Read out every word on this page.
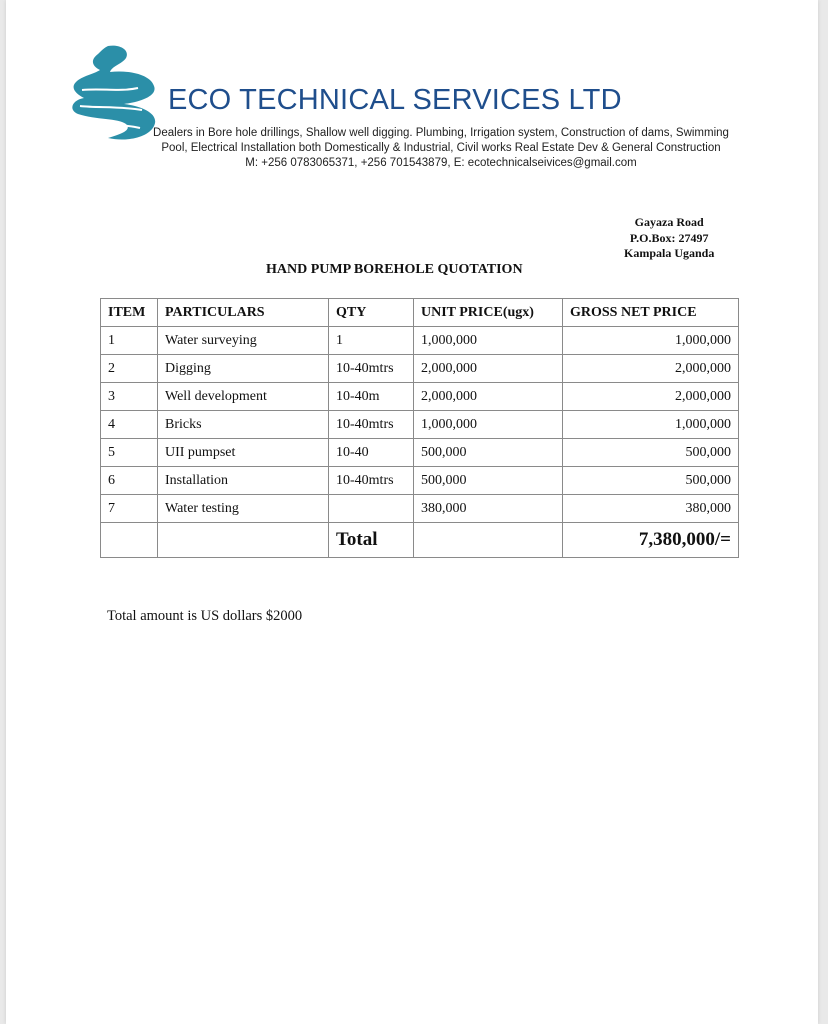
ECO TECHNICAL SERVICES LTD
Dealers in Bore hole drillings, Shallow well digging. Plumbing, Irrigation system, Construction of dams, Swimming
Pool, Electrical Installation both Domestically & Industrial, Civil works Real Estate Dev & General Construction
M: +256 0783065371, +256 701543879, E: ecotechnicalseivices@gmail.com
Gayaza Road
P.O.Box: 27497
Kampala Uganda
HAND PUMP BOREHOLE QUOTATION
ITEM	PARTICULARS	QTY	UNIT PRICE(ugx)	GROSS NET PRICE
1	Water surveying	1	1,000,000	1,000,000
2	Digging	10-40mtrs	2,000,000	2,000,000
3	Well development	10-40m	2,000,000	2,000,000
4	Bricks	10-40mtrs	1,000,000	1,000,000
5	UII pumpset	10-40	500,000	500,000
6	Installation	10-40mtrs	500,000	500,000
7	Water testing		380,000	380,000
		Total		7,380,000/=
Total amount is US dollars $2000
